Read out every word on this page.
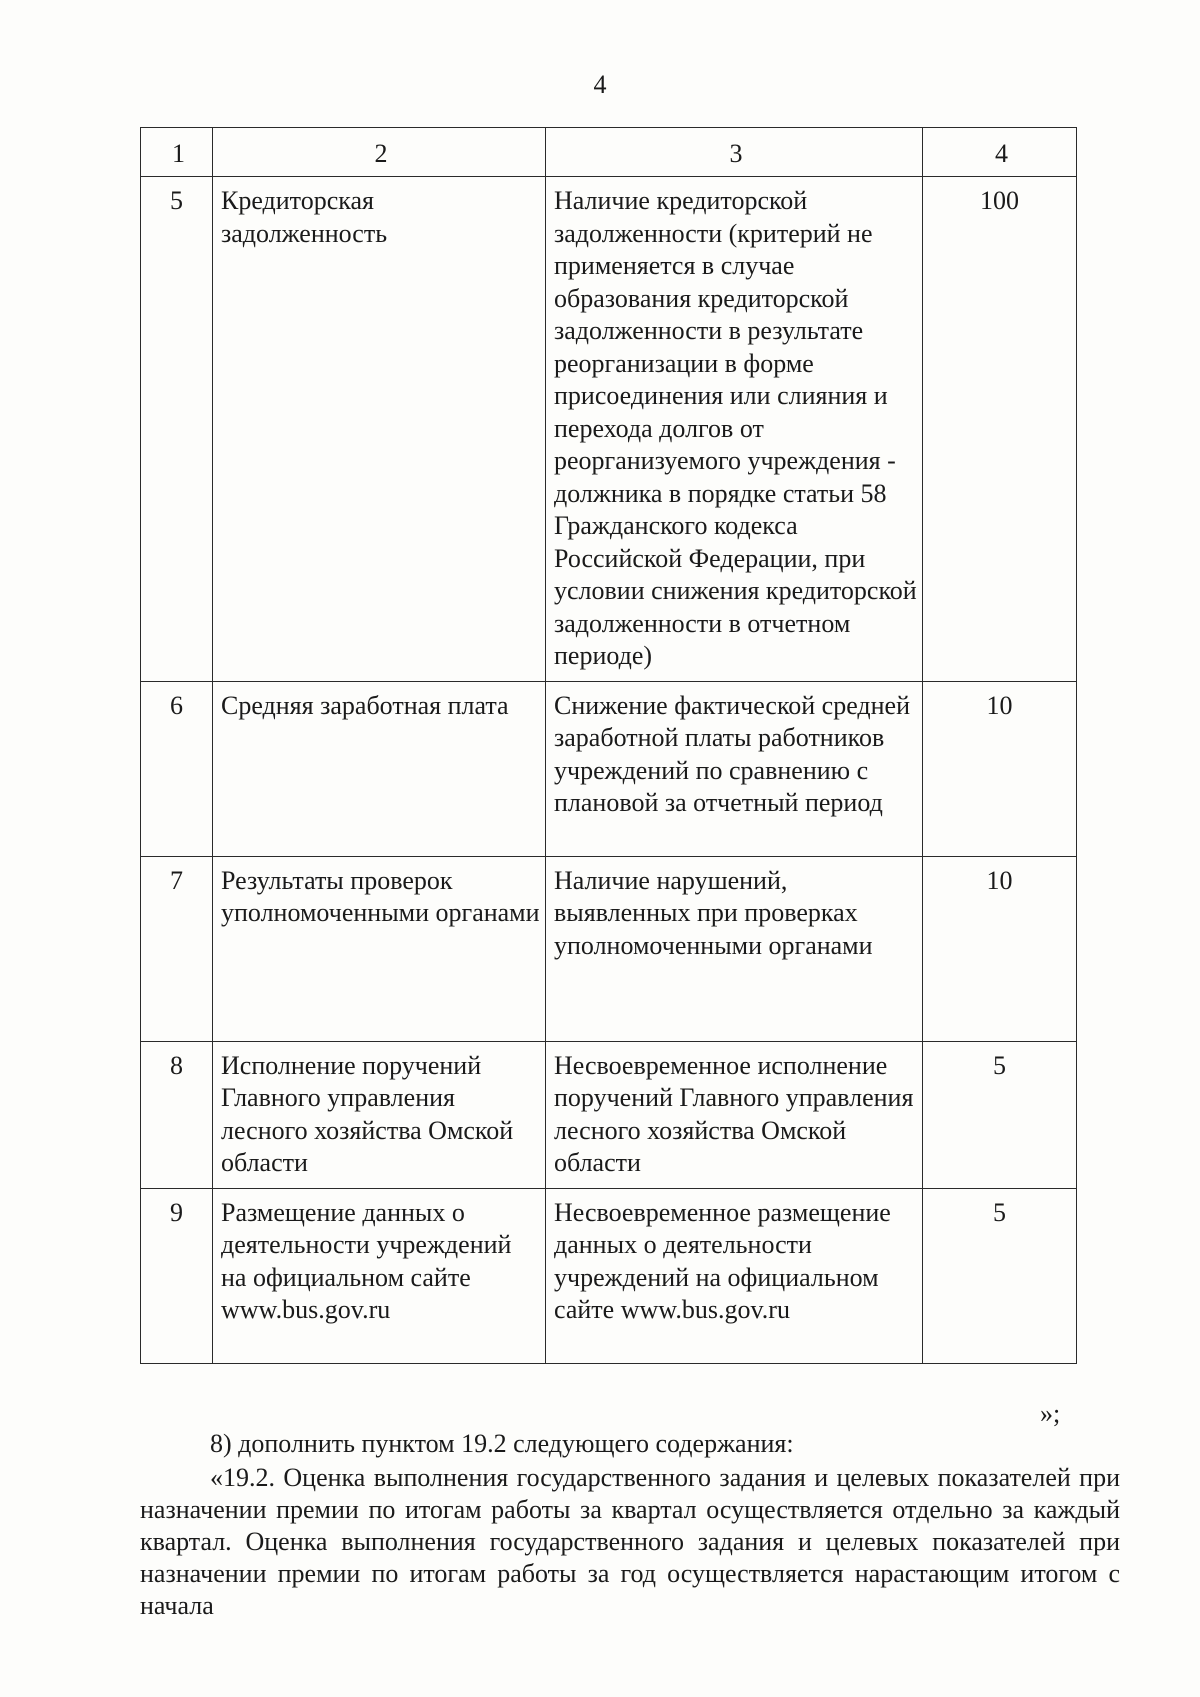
4
1	2	3	4
5	Кредиторская задолженность	Наличие кредиторской задолженности (критерий не применяется в случае образования кредиторской задолженности в результате реорганизации в форме присоединения или слияния и перехода долгов от реорганизуемого учреждения - должника в порядке статьи 58 Гражданского кодекса Российской Федерации, при условии снижения кредиторской задолженности в отчетном периоде)	100
6	Средняя заработная плата	Снижение фактической средней заработной платы работников учреждений по сравнению с плановой за отчетный период	10
7	Результаты проверок уполномоченными органами	Наличие нарушений, выявленных при проверках уполномоченными органами	10
8	Исполнение поручений Главного управления лесного хозяйства Омской области	Несвоевременное исполнение поручений Главного управления лесного хозяйства Омской области	5
9	Размещение данных о деятельности учреждений на официальном сайте www.bus.gov.ru	Несвоевременное размещение данных о деятельности учреждений на официальном сайте www.bus.gov.ru	5
»;
8) дополнить пунктом 19.2 следующего содержания:
«19.2. Оценка выполнения государственного задания и целевых показателей при назначении премии по итогам работы за квартал осуществляется отдельно за каждый квартал. Оценка выполнения государственного задания и целевых показателей при назначении премии по итогам работы за год осуществляется нарастающим итогом с начала
